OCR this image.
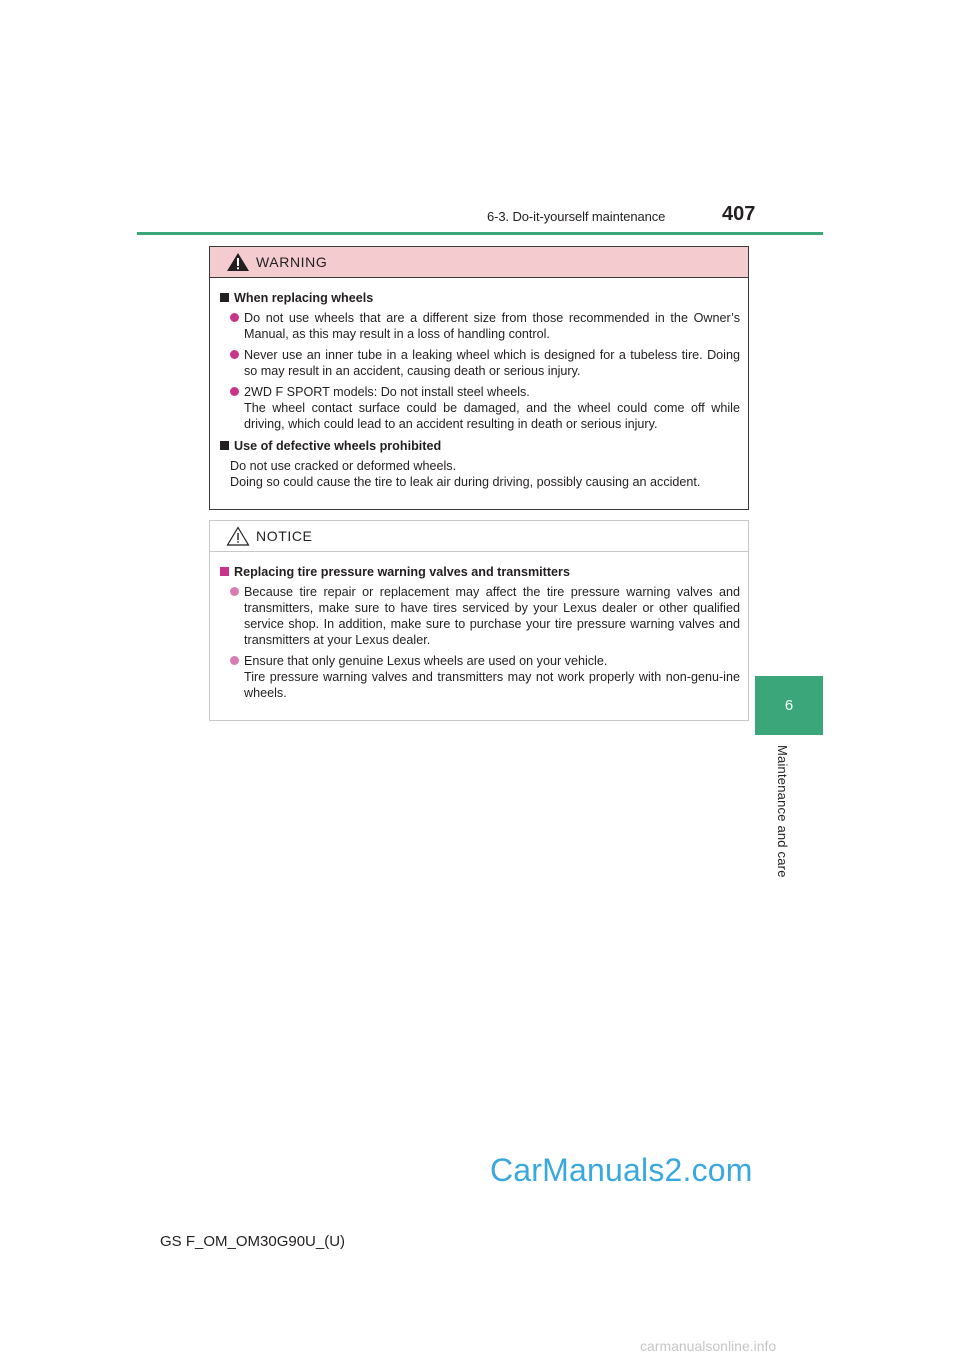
6-3. Do-it-yourself maintenance	407
6
Maintenance and care
WARNING
When replacing wheels
Do not use wheels that are a different size from those recommended in the Owner’s Manual, as this may result in a loss of handling control.
Never use an inner tube in a leaking wheel which is designed for a tubeless tire. Doing so may result in an accident, causing death or serious injury.
2WD F SPORT models: Do not install steel wheels.
The wheel contact surface could be damaged, and the wheel could come off while driving, which could lead to an accident resulting in death or serious injury.
Use of defective wheels prohibited
Do not use cracked or deformed wheels.
Doing so could cause the tire to leak air during driving, possibly causing an accident.
NOTICE
Replacing tire pressure warning valves and transmitters
Because tire repair or replacement may affect the tire pressure warning valves and transmitters, make sure to have tires serviced by your Lexus dealer or other qualified service shop. In addition, make sure to purchase your tire pressure warning valves and transmitters at your Lexus dealer.
Ensure that only genuine Lexus wheels are used on your vehicle.
Tire pressure warning valves and transmitters may not work properly with non-genu-ine wheels.
GS F_OM_OM30G90U_(U)
CarManuals2.com
carmanualsonline.info
